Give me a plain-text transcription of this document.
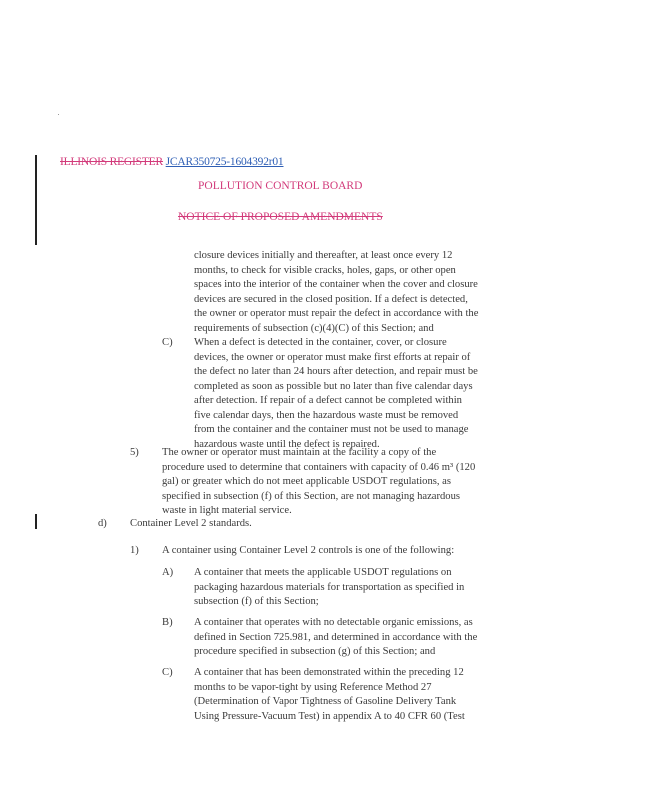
ILLINOIS REGISTER JCAR350725-1604392r01
POLLUTION CONTROL BOARD
NOTICE OF PROPOSED AMENDMENTS
closure devices initially and thereafter, at least once every 12
months, to check for visible cracks, holes, gaps, or other open
spaces into the interior of the container when the cover and closure
devices are secured in the closed position. If a defect is detected,
the owner or operator must repair the defect in accordance with the
requirements of subsection (c)(4)(C) of this Section; and
C) When a defect is detected in the container, cover, or closure
devices, the owner or operator must make first efforts at repair of
the defect no later than 24 hours after detection, and repair must be
completed as soon as possible but no later than five calendar days
after detection. If repair of a defect cannot be completed within
five calendar days, then the hazardous waste must be removed
from the container and the container must not be used to manage
hazardous waste until the defect is repaired.
5) The owner or operator must maintain at the facility a copy of the
procedure used to determine that containers with capacity of 0.46 m³ (120
gal) or greater which do not meet applicable USDOT regulations, as
specified in subsection (f) of this Section, are not managing hazardous
waste in light material service.
d) Container Level 2 standards.
1) A container using Container Level 2 controls is one of the following:
A) A container that meets the applicable USDOT regulations on
packaging hazardous materials for transportation as specified in
subsection (f) of this Section;
B) A container that operates with no detectable organic emissions, as
defined in Section 725.981, and determined in accordance with the
procedure specified in subsection (g) of this Section; and
C) A container that has been demonstrated within the preceding 12
months to be vapor-tight by using Reference Method 27
(Determination of Vapor Tightness of Gasoline Delivery Tank
Using Pressure-Vacuum Test) in appendix A to 40 CFR 60 (Test
